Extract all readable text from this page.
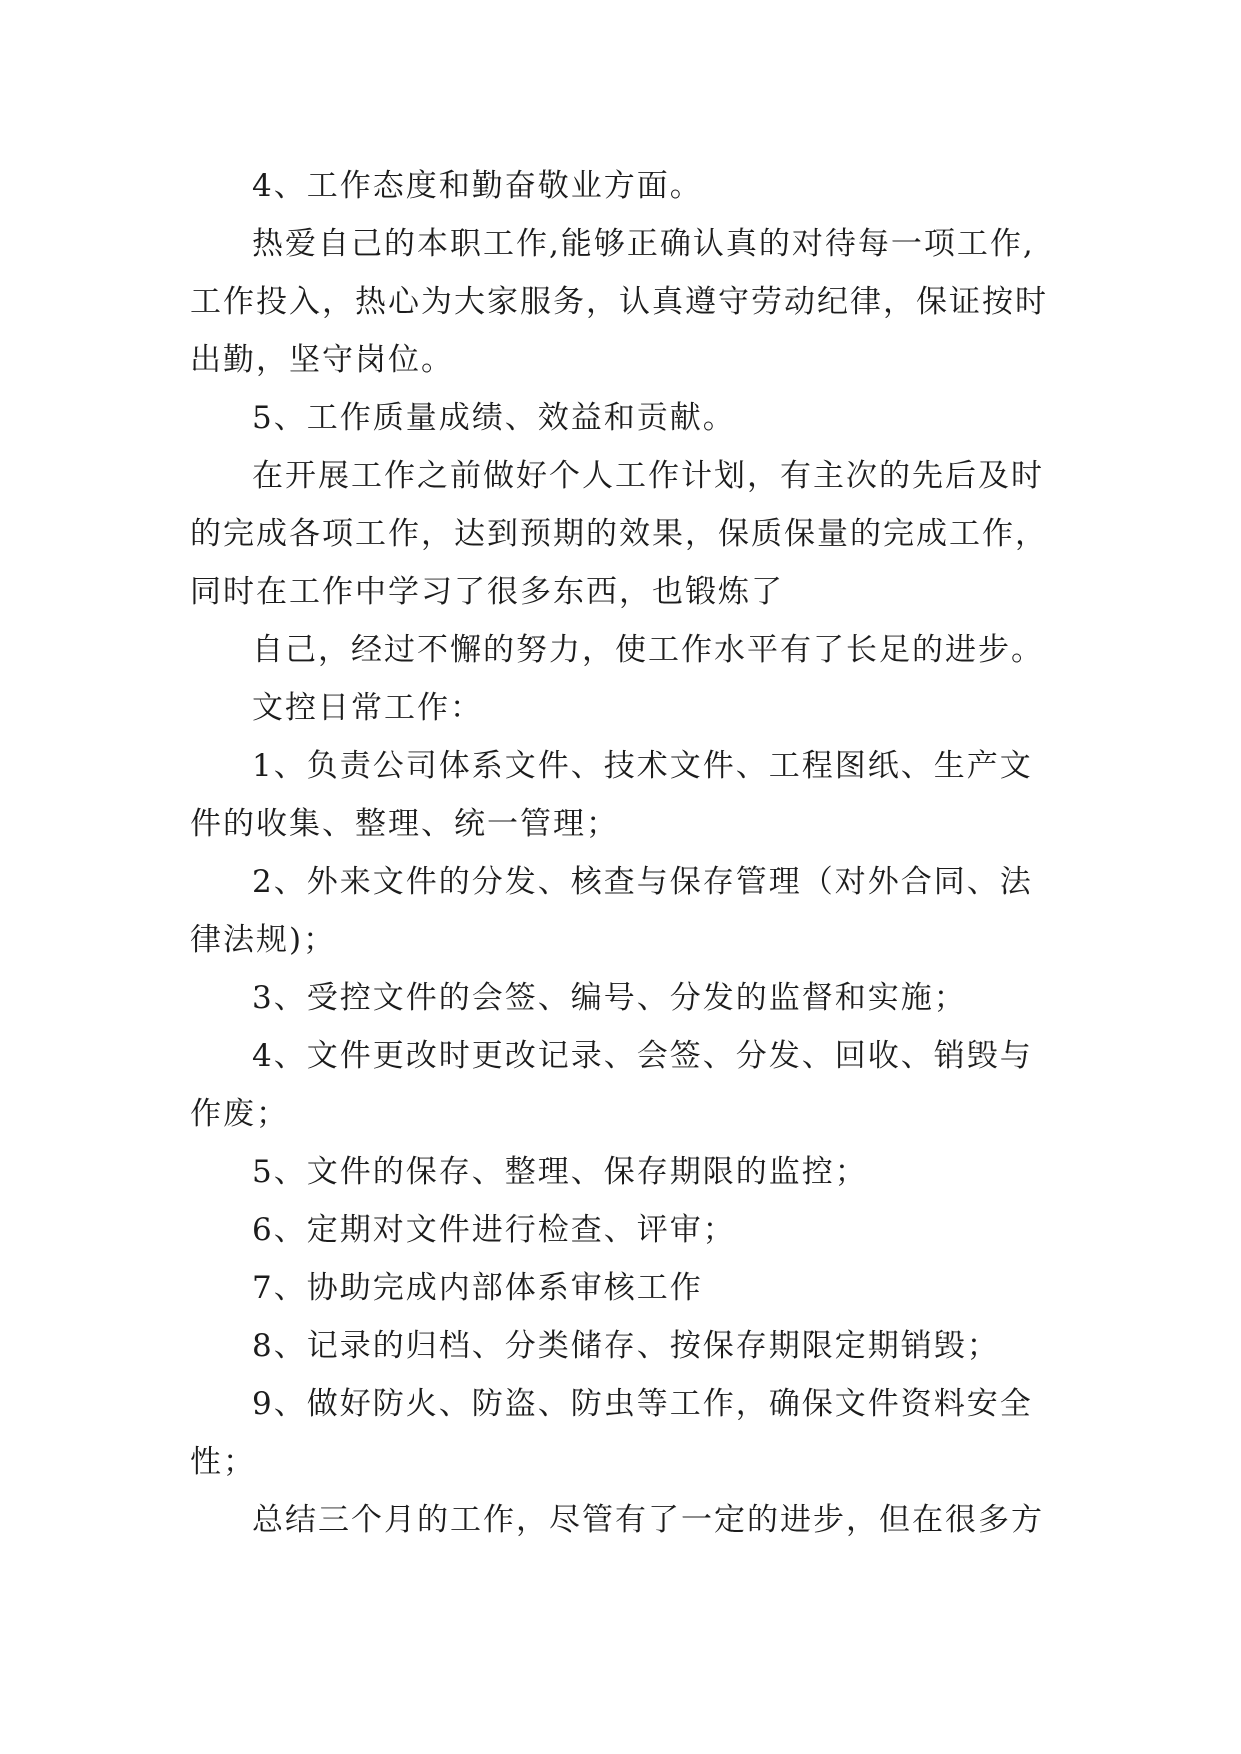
4、工作态度和勤奋敬业方面。

热爱自己的本职工作,能够正确认真的对待每一项工作,
工作投入，热心为大家服务，认真遵守劳动纪律，保证按时
出勤，坚守岗位。

5、工作质量成绩、效益和贡献。

在开展工作之前做好个人工作计划，有主次的先后及时
的完成各项工作，达到预期的效果，保质保量的完成工作，
同时在工作中学习了很多东西，也锻炼了

自己，经过不懈的努力，使工作水平有了长足的进步。

文控日常工作：

1、负责公司体系文件、技术文件、工程图纸、生产文
件的收集、整理、统一管理；

2、外来文件的分发、核查与保存管理（对外合同、法
律法规)；

3、受控文件的会签、编号、分发的监督和实施；

4、文件更改时更改记录、会签、分发、回收、销毁与
作废；

5、文件的保存、整理、保存期限的监控；

6、定期对文件进行检查、评审；

7、协助完成内部体系审核工作

8、记录的归档、分类储存、按保存期限定期销毁；

9、做好防火、防盗、防虫等工作，确保文件资料安全
性；

总结三个月的工作，尽管有了一定的进步，但在很多方
